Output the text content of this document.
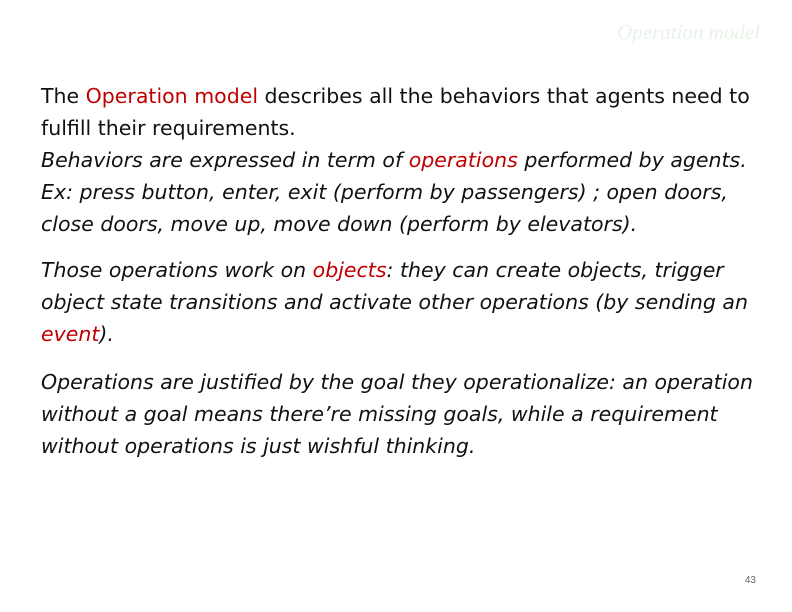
Operation model

The Operation model describes all the behaviors that agents need to fulfill their requirements.

Behaviors are expressed in term of operations performed by agents.

Ex: press button, enter, exit (perform by passengers) ; open doors, close doors, move up, move down (perform by elevators).

Those operations work on objects: they can create objects, trigger object state transitions and activate other operations (by sending an event).

Operations are justified by the goal they operationalize: an operation without a goal means there’re missing goals, while a requirement without operations is just wishful thinking.

43
